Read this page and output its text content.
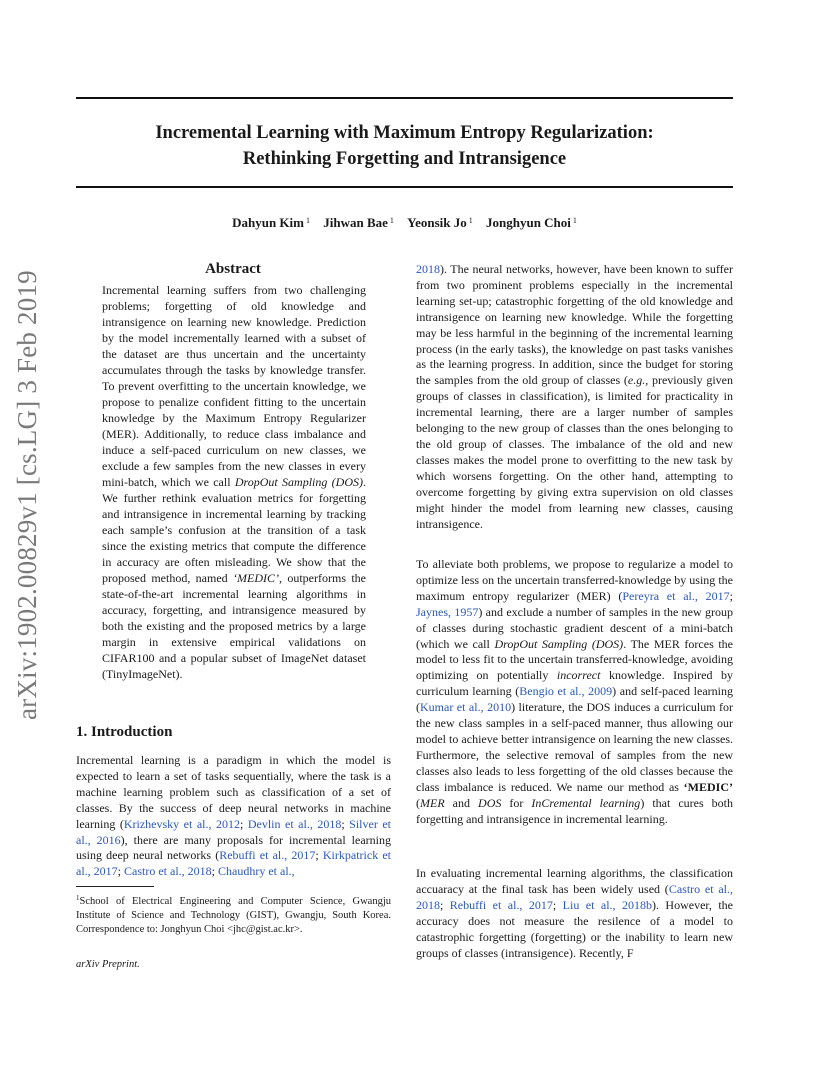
Incremental Learning with Maximum Entropy Regularization:
Rethinking Forgetting and Intransigence
Dahyun Kim $^1$ Jihwan Bae $^1$ Yeonsik Jo $^1$ Jonghyun Choi $^1$
arXiv:1902.00829v1 [cs.LG] 3 Feb 2019
Abstract

Incremental learning suffers from two challenging problems; forgetting of old knowledge and intransigence on learning new knowledge. Prediction by the model incrementally learned with a subset of the dataset are thus uncertain and the uncertainty accumulates through the tasks by knowledge transfer. To prevent overfitting to the uncertain knowledge, we propose to penalize confident fitting to the uncertain knowledge by the Maximum Entropy Regularizer (MER). Additionally, to reduce class imbalance and induce a self-paced curriculum on new classes, we exclude a few samples from the new classes in every mini-batch, which we call DropOut Sampling (DOS). We further rethink evaluation metrics for forgetting and intransigence in incremental learning by tracking each sample’s confusion at the transition of a task since the existing metrics that compute the difference in accuracy are often misleading. We show that the proposed method, named ‘MEDIC’, outperforms the state-of-the-art incremental learning algorithms in accuracy, forgetting, and intransigence measured by both the existing and the proposed metrics by a large margin in extensive empirical validations on CIFAR100 and a popular subset of ImageNet dataset (TinyImageNet).

1. Introduction

Incremental learning is a paradigm in which the model is expected to learn a set of tasks sequentially, where the task is a machine learning problem such as classification of a set of classes. By the success of deep neural networks in machine learning (Krizhevsky et al., 2012; Devlin et al., 2018; Silver et al., 2016), there are many proposals for incremental learning using deep neural networks (Rebuffi et al., 2017; Kirkpatrick et al., 2017; Castro et al., 2018; Chaudhry et al.,

$^1$School of Electrical Engineering and Computer Science, Gwangju Institute of Science and Technology (GIST), Gwangju, South Korea. Correspondence to: Jonghyun Choi <jhc@gist.ac.kr>.

arXiv Preprint.

2018). The neural networks, however, have been known to suffer from two prominent problems especially in the incremental learning set-up; catastrophic forgetting of the old knowledge and intransigence on learning new knowledge. While the forgetting may be less harmful in the beginning of the incremental learning process (in the early tasks), the knowledge on past tasks vanishes as the learning progress. In addition, since the budget for storing the samples from the old group of classes (e.g., previously given groups of classes in classification), is limited for practicality in incremental learning, there are a larger number of samples belonging to the new group of classes than the ones belonging to the old group of classes. The imbalance of the old and new classes makes the model prone to overfitting to the new task by which worsens forgetting. On the other hand, attempting to overcome forgetting by giving extra supervision on old classes might hinder the model from learning new classes, causing intransigence.

To alleviate both problems, we propose to regularize a model to optimize less on the uncertain transferred-knowledge by using the maximum entropy regularizer (MER) (Pereyra et al., 2017; Jaynes, 1957) and exclude a number of samples in the new group of classes during stochastic gradient descent of a mini-batch (which we call DropOut Sampling (DOS). The MER forces the model to less fit to the uncertain transferred-knowledge, avoiding optimizing on potentially incorrect knowledge. Inspired by curriculum learning (Bengio et al., 2009) and self-paced learning (Kumar et al., 2010) literature, the DOS induces a curriculum for the new class samples in a self-paced manner, thus allowing our model to achieve better intransigence on learning the new classes. Furthermore, the selective removal of samples from the new classes also leads to less forgetting of the old classes because the class imbalance is reduced. We name our method as ‘MEDIC’ (MER and DOS for InCremental learning) that cures both forgetting and intransigence in incremental learning.

In evaluating incremental learning algorithms, the classification accuaracy at the final task has been widely used (Castro et al., 2018; Rebuffi et al., 2017; Liu et al., 2018b). However, the accuracy does not measure the resilence of a model to catastrophic forgetting (forgetting) or the inability to learn new groups of classes (intransigence). Recently, F
